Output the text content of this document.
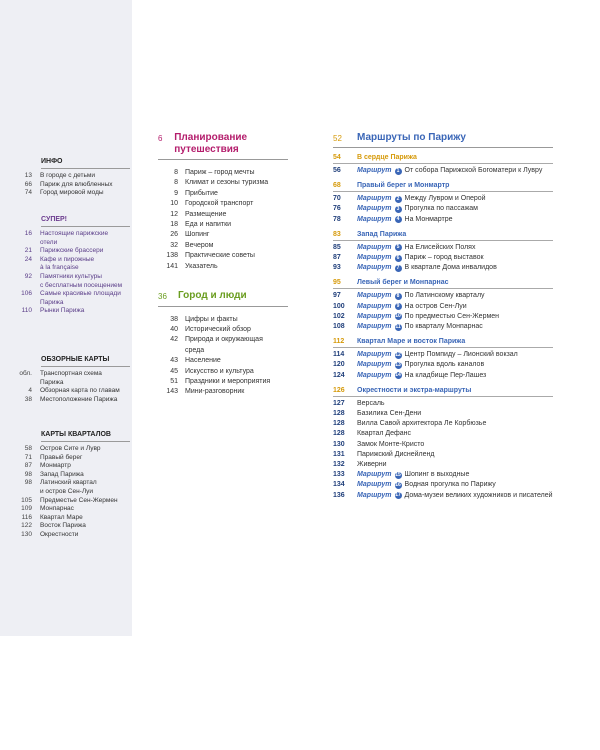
ИНФО
13 В городе с детьми
66 Париж для влюбленных
74 Город мировой моды
СУПЕР!
16 Настоящие парижские
отели
21 Парижские брассери
24 Кафе и пирожные
à la française
92 Памятники культуры
с бесплатным посещением
106 Самые красивые площади
Парижа
110 Рынки Парижа
ОБЗОРНЫЕ КАРТЫ
обл. Транспортная схема
Парижа
4 Обзорная карта по главам
38 Местоположение Парижа
КАРТЫ КВАРТАЛОВ
58 Остров Сите и Лувр
71 Правый берег
87 Монмартр
98 Запад Парижа
98 Латинский квартал
и остров Сен-Луи
105 Предместье Сен-Жермен
109 Монпарнас
116 Квартал Маре
122 Восток Парижа
130 Окрестности
6	Планирование путешествия
8 Париж – город мечты
8 Климат и сезоны туризма
9 Прибытие
10 Городской транспорт
12 Размещение
18 Еда и напитки
26 Шопинг
32 Вечером
138 Практические советы
141 Указатель
36	Город и люди
38 Цифры и факты
40 Исторический обзор
42 Природа и окружающая
среда
43 Население
45 Искусство и культура
51 Праздники и мероприятия
143 Мини-разговорник
52	Маршруты по Парижу
54	В сердце Парижа
56	Маршрут	1 От собора Парижской Богоматери к Лувру
68	Правый берег и Монмартр
70	Маршрут	2 Между Лувром и Оперой
76	Маршрут	3 Прогулка по пассажам
78	Маршрут	4 На Монмартре
83	Запад Парижа
85	Маршрут	5 На Елисейских Полях
87	Маршрут	6 Париж – город выставок
93	Маршрут	7 В квартале Дома инвалидов
95	Левый берег и Монпарнас
97	Маршрут	8 По Латинскому кварталу
100	Маршрут	9 На остров Сен-Луи
102	Маршрут 10 По предместью Сен-Жермен
108	Маршрут 11 По кварталу Монпарнас
112	Квартал Маре и восток Парижа
114	Маршрут 12 Центр Помпиду – Лионский вокзал
120	Маршрут 13 Прогулка вдоль каналов
124	Маршрут 14 На кладбище Пер-Лашез
126	Окрестности и экстра-маршруты
127	Версаль
128	Базилика Сен-Дени
128	Вилла Савой архитектора Ле Корбюзье
128	Квартал Дефанс
130	Замок Монте-Кристо
131	Парижский Диснейленд
132	Живерни
133	Маршрут 15 Шопинг в выходные
134	Маршрут 16 Водная прогулка по Парижу
136	Маршрут 17 Дома-музеи великих художников и писателей
